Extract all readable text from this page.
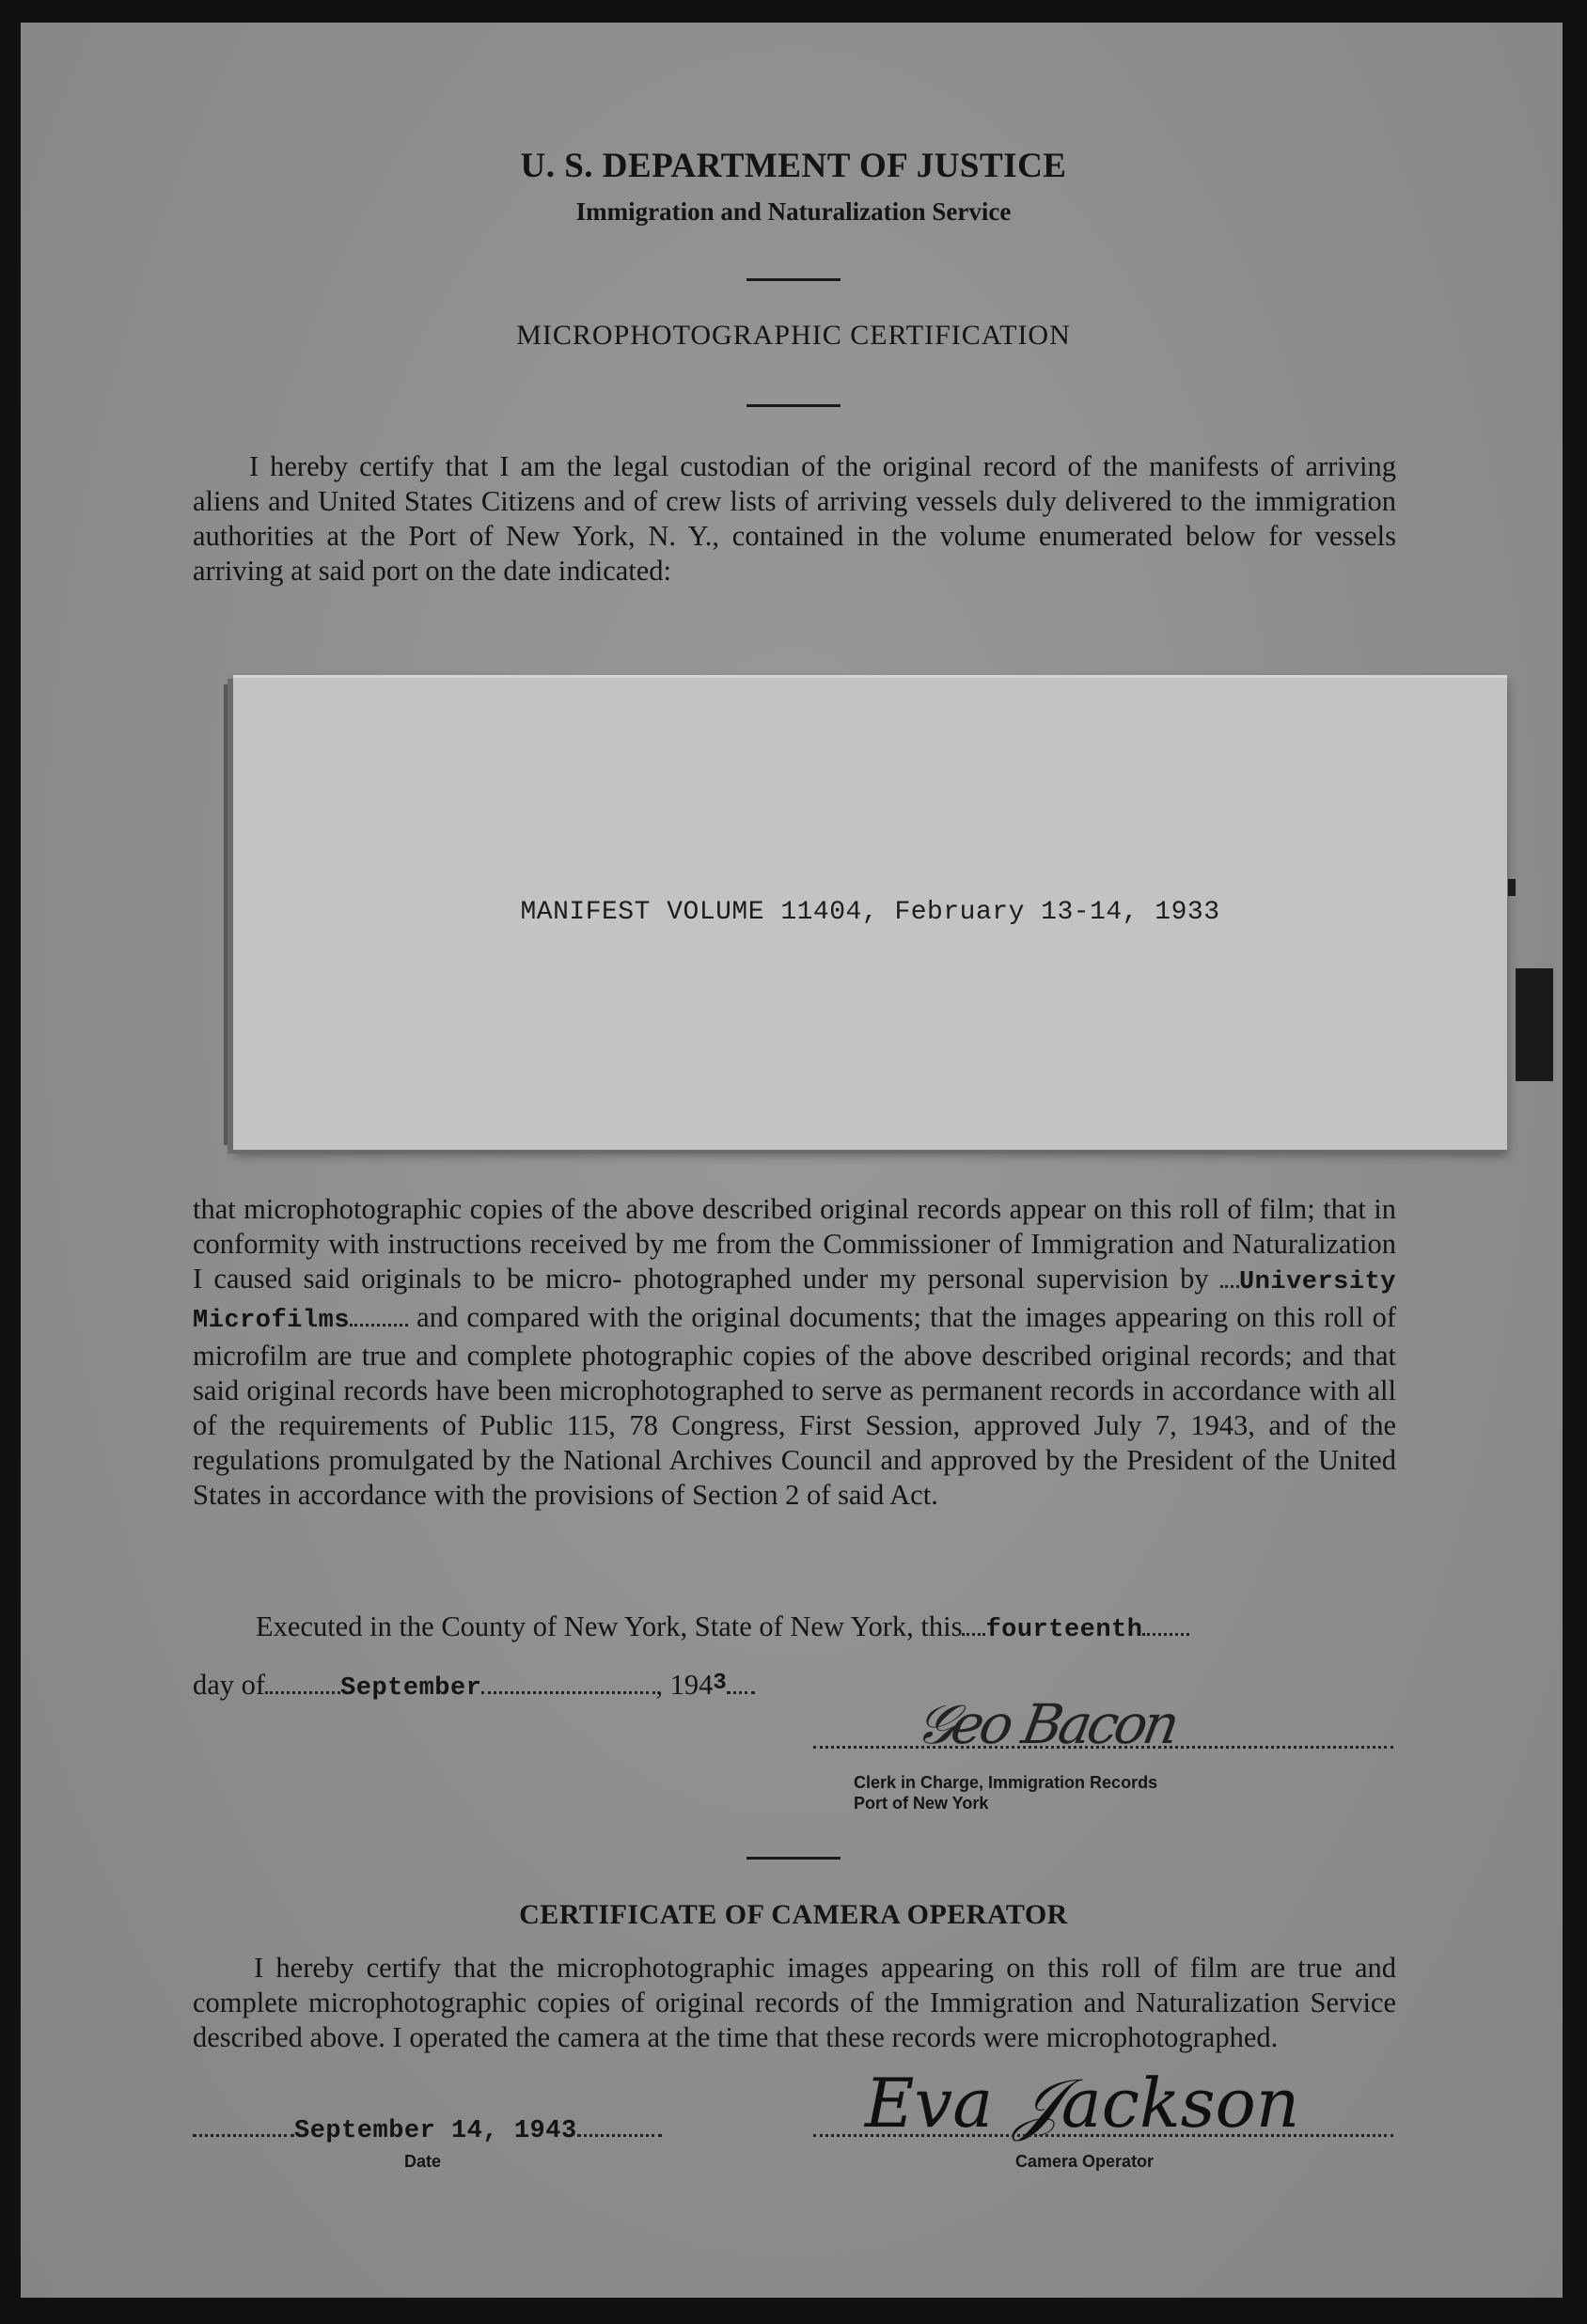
U. S. DEPARTMENT OF JUSTICE
Immigration and Naturalization Service
MICROPHOTOGRAPHIC CERTIFICATION
I hereby certify that I am the legal custodian of the original record of the manifests of arriving aliens and United States Citizens and of crew lists of arriving vessels duly delivered to the immigration authorities at the Port of New York, N. Y., contained in the volume enumerated below for vessels arriving at said port on the date indicated:
MANIFEST VOLUME 11404, February 13-14, 1933
that microphotographic copies of the above described original records appear on this roll of film; that in conformity with instructions received by me from the Commissioner of Immigration and Naturalization I caused said originals to be micro- photographed under my personal supervision by University Microfilms and compared with the original documents; that the images appearing on this roll of microfilm are true and complete photographic copies of the above described original records; and that said original records have been microphotographed to serve as permanent records in accordance with all of the requirements of Public 115, 78 Congress, First Session, approved July 7, 1943, and of the regulations promulgated by the National Archives Council and approved by the President of the United States in accordance with the provisions of Section 2 of said Act.
Executed in the County of New York, State of New York, this fourteenth
day of	September	, 1943
𝒢𝑒𝑜 𝐵𝑎𝑐𝑜𝑛
Clerk in Charge, Immigration Records
Port of New York
CERTIFICATE OF CAMERA OPERATOR
I hereby certify that the microphotographic images appearing on this roll of film are true and complete microphotographic copies of original records of the Immigration and Naturalization Service described above. I operated the camera at the time that these records were microphotographed.
September 14, 1943
Date
𝐸𝑣𝑎 𝒥𝑎𝑐𝑘𝑠𝑜𝑛
Camera Operator
